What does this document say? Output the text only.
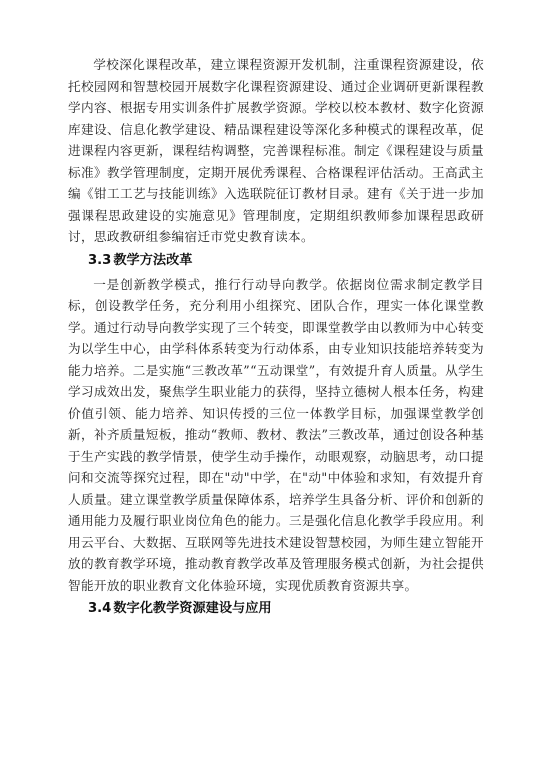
学校深化课程改革，建立课程资源开发机制，注重课程资源建设，依托校园网和智慧校园开展数字化课程资源建设、通过企业调研更新课程教学内容、根据专用实训条件扩展教学资源。学校以校本教材、数字化资源库建设、信息化教学建设、精品课程建设等深化多种模式的课程改革，促进课程内容更新，课程结构调整，完善课程标准。制定《课程建设与质量标准》教学管理制度，定期开展优秀课程、合格课程评估活动。王高武主编《钳工工艺与技能训练》入选联院征订教材目录。建有《关于进一步加强课程思政建设的实施意见》管理制度，定期组织教师参加课程思政研讨，思政教研组参编宿迁市党史教育读本。

3.3 教学方法改革

一是创新教学模式，推行行动导向教学。依据岗位需求制定教学目标，创设教学任务，充分利用小组探究、团队合作，理实一体化课堂教学。通过行动导向教学实现了三个转变，即课堂教学由以教师为中心转变为以学生中心，由学科体系转变为行动体系，由专业知识技能培养转变为能力培养。二是实施“三教改革”“五动课堂”，有效提升育人质量。从学生学习成效出发，聚焦学生职业能力的获得，坚持立德树人根本任务，构建价值引领、能力培养、知识传授的三位一体教学目标，加强课堂教学创新，补齐质量短板，推动“教师、教材、教法”三教改革，通过创设各种基于生产实践的教学情景，使学生动手操作，动眼观察，动脑思考，动口提问和交流等探究过程，即在"动"中学，在"动"中体验和求知，有效提升育人质量。建立课堂教学质量保障体系，培养学生具备分析、评价和创新的通用能力及履行职业岗位角色的能力。三是强化信息化教学手段应用。利用云平台、大数据、互联网等先进技术建设智慧校园，为师生建立智能开放的教育教学环境，推动教育教学改革及管理服务模式创新，为社会提供智能开放的职业教育文化体验环境，实现优质教育资源共享。

3.4 数字化教学资源建设与应用
